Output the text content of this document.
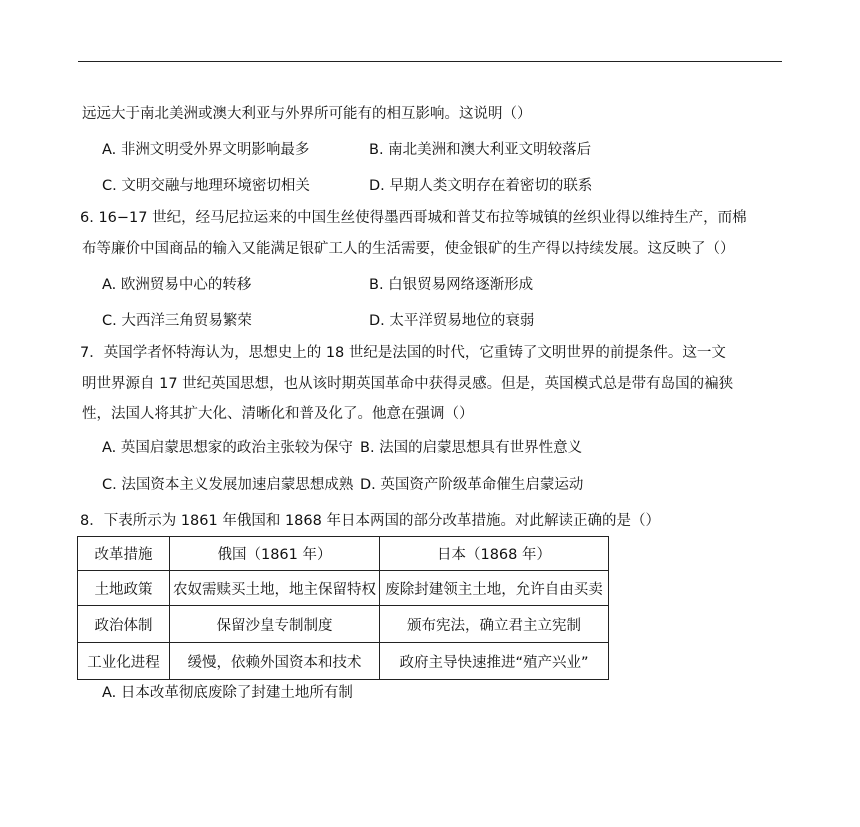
远远大于南北美洲或澳大利亚与外界所可能有的相互影响。这说明（）
A. 非洲文明受外界文明影响最多	B. 南北美洲和澳大利亚文明较落后
C. 文明交融与地理环境密切相关	D. 早期人类文明存在着密切的联系
6. 16−17 世纪，经马尼拉运来的中国生丝使得墨西哥城和普艾布拉等城镇的丝织业得以维持生产，而棉
布等廉价中国商品的输入又能满足银矿工人的生活需要，使金银矿的生产得以持续发展。这反映了（）
A. 欧洲贸易中心的转移	B. 白银贸易网络逐渐形成
C. 大西洋三角贸易繁荣	D. 太平洋贸易地位的衰弱
7．英国学者怀特海认为，思想史上的 18 世纪是法国的时代，它重铸了文明世界的前提条件。这一文
明世界源自 17 世纪英国思想，也从该时期英国革命中获得灵感。但是，英国模式总是带有岛国的褊狭
性，法国人将其扩大化、清晰化和普及化了。他意在强调（）
A. 英国启蒙思想家的政治主张较为保守 B. 法国的启蒙思想具有世界性意义
C. 法国资本主义发展加速启蒙思想成熟 D. 英国资产阶级革命催生启蒙运动
8．下表所示为 1861 年俄国和 1868 年日本两国的部分改革措施。对此解读正确的是（）
改革措施	俄国（1861 年）	日本（1868 年）
土地政策	农奴需赎买土地，地主保留特权	废除封建领主土地，允许自由买卖
政治体制	保留沙皇专制制度	颁布宪法，确立君主立宪制
工业化进程	缓慢，依赖外国资本和技术	政府主导快速推进“殖产兴业”
A. 日本改革彻底废除了封建土地所有制
